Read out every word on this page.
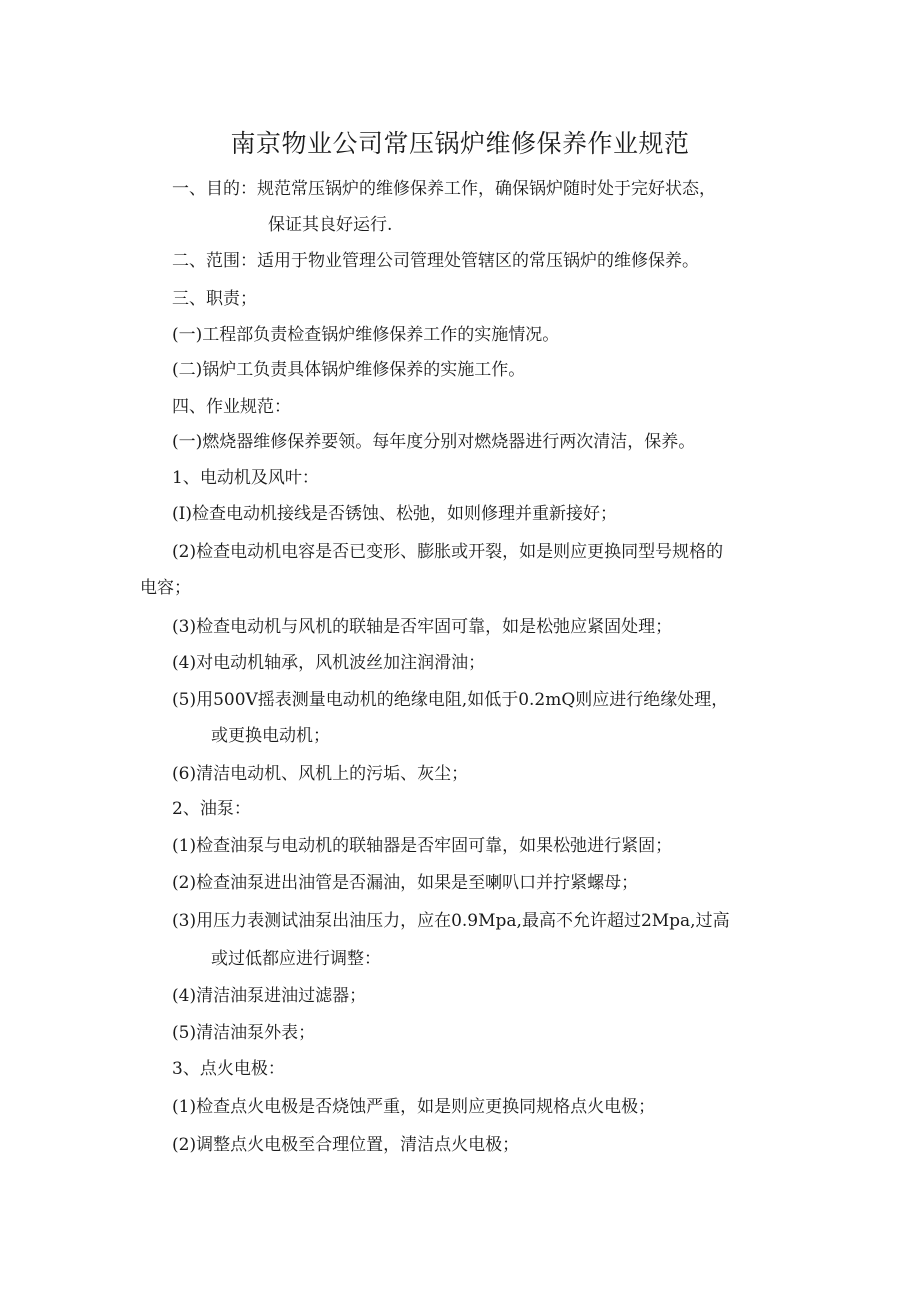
南京物业公司常压锅炉维修保养作业规范
一、目的：规范常压锅炉的维修保养工作，确保锅炉随时处于完好状态，
保证其良好运行.
二、范围：适用于物业管理公司管理处管辖区的常压锅炉的维修保养。
三、职责；
(一)工程部负责检查锅炉维修保养工作的实施情况。
(二)锅炉工负责具体锅炉维修保养的实施工作。
四、作业规范：
(一)燃烧器维修保养要领。每年度分别对燃烧器进行两次清洁，保养。
1、电动机及风叶：
(I)检查电动机接线是否锈蚀、松弛，如则修理并重新接好；
(2)检查电动机电容是否已变形、膨胀或开裂，如是则应更换同型号规格的
电容；
(3)检查电动机与风机的联轴是否牢固可靠，如是松弛应紧固处理；
(4)对电动机轴承，风机波丝加注润滑油；
(5)用500V摇表测量电动机的绝缘电阻,如低于0.2mQ则应进行绝缘处理，
或更换电动机；
(6)清洁电动机、风机上的污垢、灰尘；
2、油泵：
(1)检查油泵与电动机的联轴器是否牢固可靠，如果松弛进行紧固；
(2)检查油泵进出油管是否漏油，如果是至喇叭口并拧紧螺母；
(3)用压力表测试油泵出油压力，应在0.9Mpa,最高不允许超过2Mpa,过高
或过低都应进行调整：
(4)清洁油泵进油过滤器；
(5)清洁油泵外表；
3、点火电极：
(1)检查点火电极是否烧蚀严重，如是则应更换同规格点火电极；
(2)调整点火电极至合理位置，清洁点火电极；
